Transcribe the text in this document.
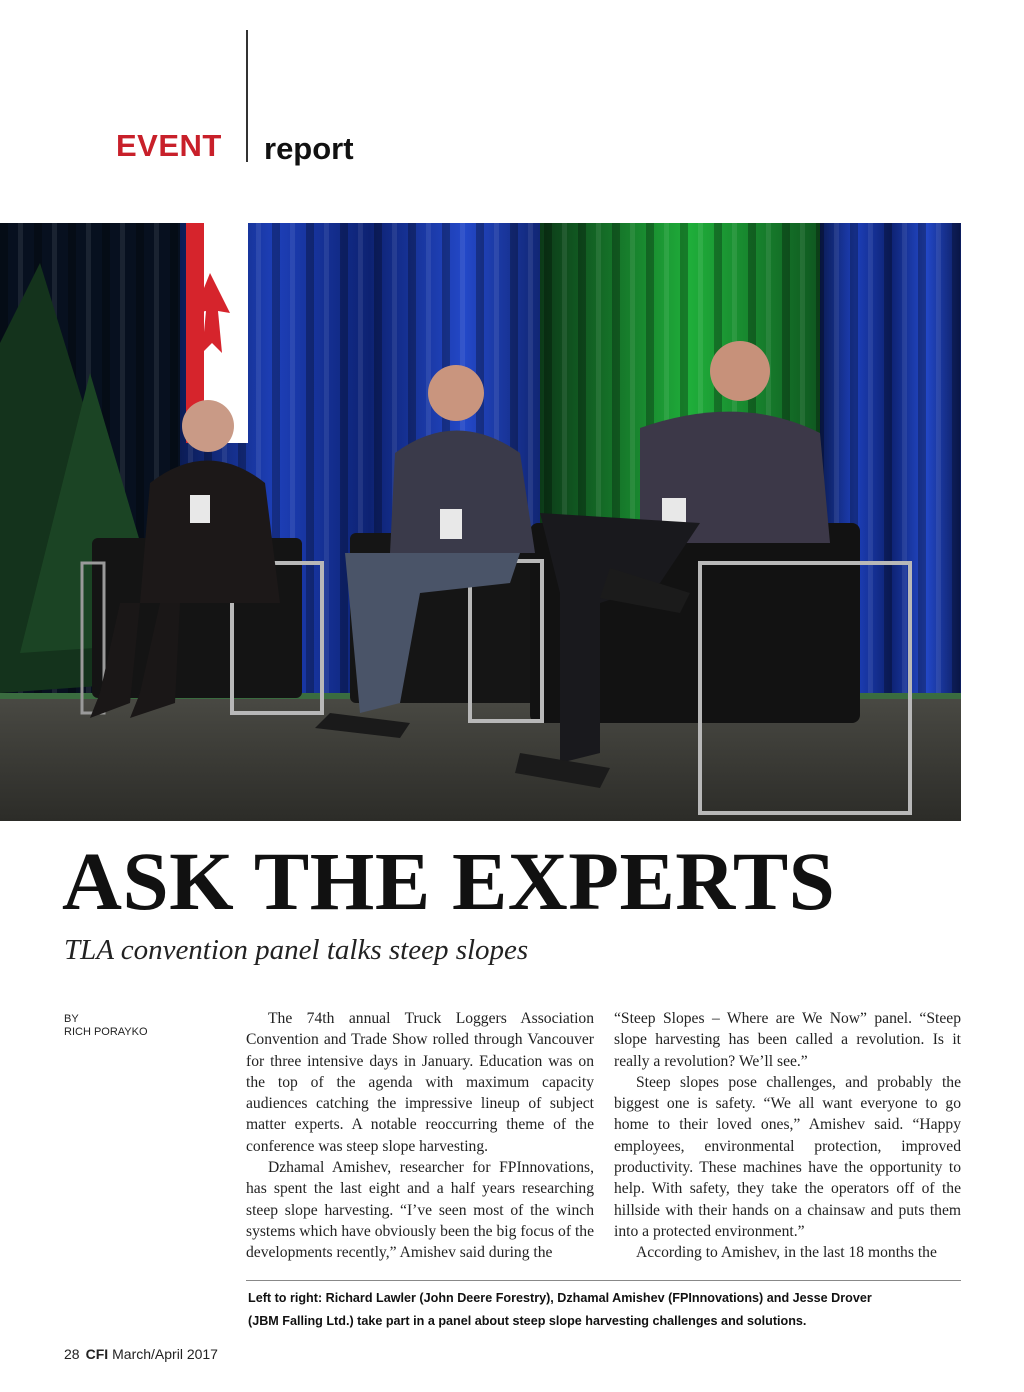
EVENT report
ASK THE EXPERTS
TLA convention panel talks steep slopes
BY
RICH PORAYKO

The 74th annual Truck Loggers Association Convention and Trade Show rolled through Vancouver for three intensive days in January. Education was on the top of the agenda with maximum capacity audiences catching the impressive lineup of subject matter experts. A notable reoccurring theme of the conference was steep slope harvesting.

Dzhamal Amishev, researcher for FPInnovations, has spent the last eight and a half years researching steep slope harvesting. “I’ve seen most of the winch systems which have obviously been the big focus of the developments recently,” Amishev said during the

“Steep Slopes – Where are We Now” panel. “Steep slope harvesting has been called a revolution. Is it really a revolution? We’ll see.”

Steep slopes pose challenges, and probably the biggest one is safety. “We all want everyone to go home to their loved ones,” Amishev said. “Happy employees, environmental protection, improved productivity. These machines have the opportunity to help. With safety, they take the operators off of the hillside with their hands on a chainsaw and puts them into a protected environment.”

According to Amishev, in the last 18 months the

Left to right: Richard Lawler (John Deere Forestry), Dzhamal Amishev (FPInnovations) and Jesse Drover
(JBM Falling Ltd.) take part in a panel about steep slope harvesting challenges and solutions.
28 CFI March/April 2017
